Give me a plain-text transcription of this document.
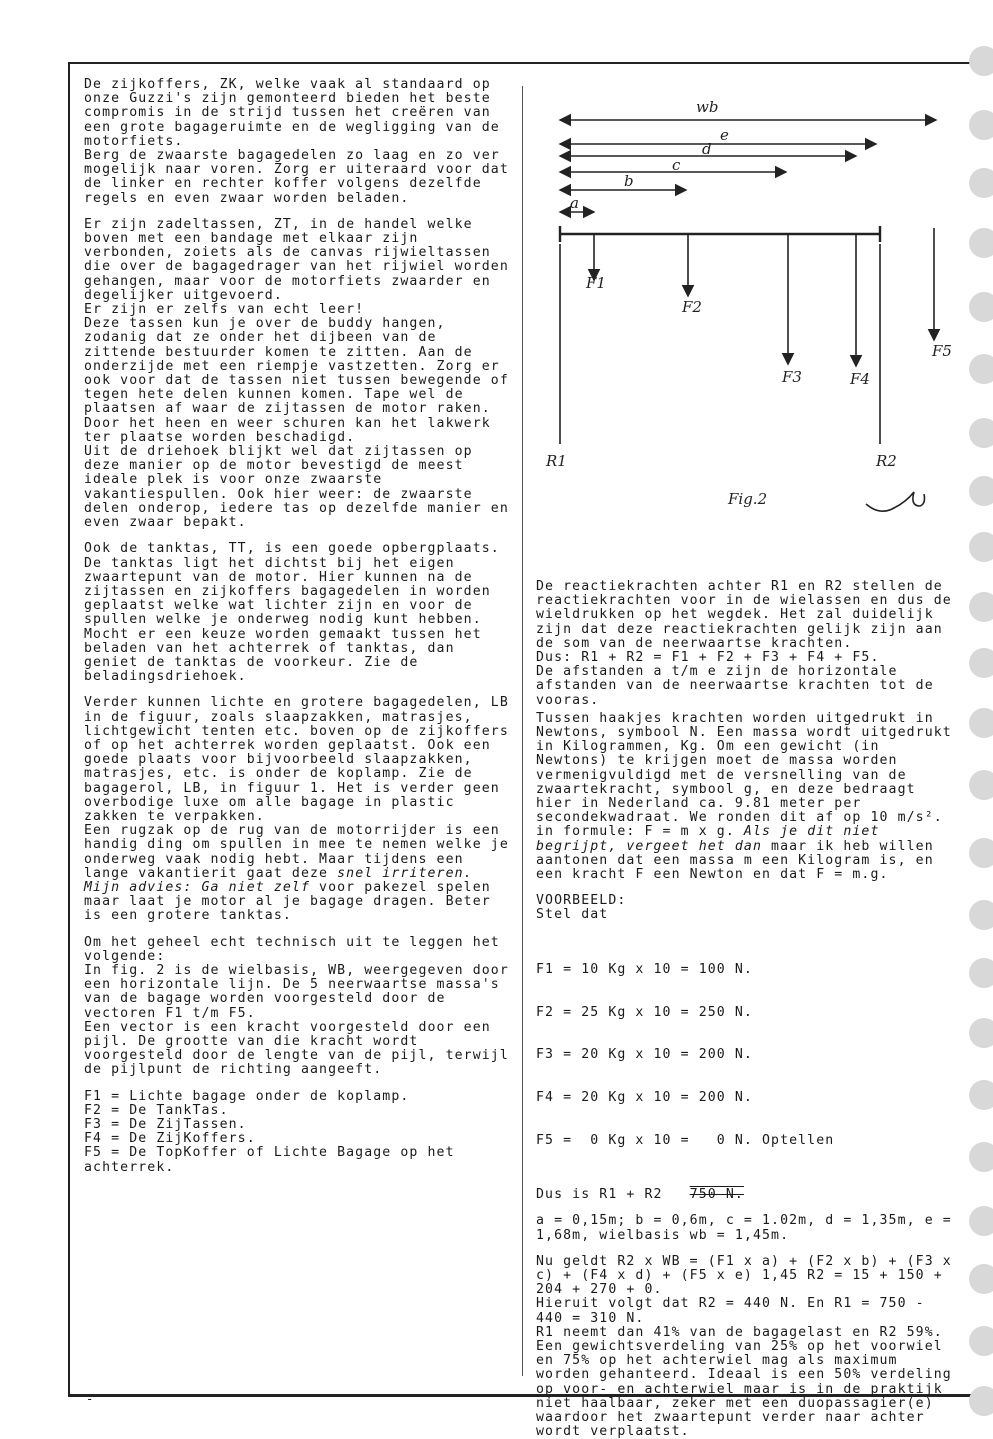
De zijkoffers, ZK, welke vaak al standaard op onze Guzzi's zijn gemonteerd bieden het beste compromis in de strijd tussen het creëren van een grote bagageruimte en de wegligging van de motorfiets.

Berg de zwaarste bagagedelen zo laag en zo ver mogelijk naar voren. Zorg er uiteraard voor dat de linker en rechter koffer volgens dezelfde regels en even zwaar worden beladen.

Er zijn zadeltassen, ZT, in de handel welke boven met een bandage met elkaar zijn verbonden, zoiets als de canvas rijwieltassen die over de bagagedrager van het rijwiel worden gehangen, maar voor de motorfiets zwaarder en degelijker uitgevoerd.

Er zijn er zelfs van echt leer!

Deze tassen kun je over de buddy hangen, zodanig dat ze onder het dijbeen van de zittende bestuurder komen te zitten. Aan de onderzijde met een riempje vastzetten. Zorg er ook voor dat de tassen niet tussen bewegende of tegen hete delen kunnen komen. Tape wel de plaatsen af waar de zijtassen de motor raken. Door het heen en weer schuren kan het lakwerk ter plaatse worden beschadigd.

Uit de driehoek blijkt wel dat zijtassen op deze manier op de motor bevestigd de meest ideale plek is voor onze zwaarste vakantiespullen. Ook hier weer: de zwaarste delen onderop, iedere tas op dezelfde manier en even zwaar bepakt.

Ook de tanktas, TT, is een goede opbergplaats. De tanktas ligt het dichtst bij het eigen zwaartepunt van de motor. Hier kunnen na de zijtassen en zijkoffers bagagedelen in worden geplaatst welke wat lichter zijn en voor de spullen welke je onderweg nodig kunt hebben. Mocht er een keuze worden gemaakt tussen het beladen van het achterrek of tanktas, dan geniet de tanktas de voorkeur. Zie de beladingsdriehoek.

Verder kunnen lichte en grotere bagagedelen, LB in de figuur, zoals slaapzakken, matrasjes, lichtgewicht tenten etc. boven op de zijkoffers of op het achterrek worden geplaatst. Ook een goede plaats voor bijvoorbeeld slaapzakken, matrasjes, etc. is onder de koplamp. Zie de bagagerol, LB, in figuur 1. Het is verder geen overbodige luxe om alle bagage in plastic zakken te verpakken.

Een rugzak op de rug van de motorrijder is een handig ding om spullen in mee te nemen welke je onderweg vaak nodig hebt. Maar tijdens een lange vakantierit gaat deze snel irriteren. Mijn advies: Ga niet zelf voor pakezel spelen maar laat je motor al je bagage dragen. Beter is een grotere tanktas.

Om het geheel echt technisch uit te leggen het volgende:

In fig. 2 is de wielbasis, WB, weergegeven door een horizontale lijn. De 5 neerwaartse massa's van de bagage worden voorgesteld door de vectoren F1 t/m F5.

Een vector is een kracht voorgesteld door een pijl. De grootte van die kracht wordt voorgesteld door de lengte van de pijl, terwijl de pijlpunt de richting aangeeft.

F1 = Lichte bagage onder de koplamp.
F2 = De TankTas.
F3 = De ZijTassen.
F4 = De ZijKoffers.
F5 = De TopKoffer of Lichte Bagage op het achterrek.
wb
e
d
c
b
a
F1
F2
F3	F4
F5
R1	R2
Fig.2

De reactiekrachten achter R1 en R2 stellen de reactiekrachten voor in de wielassen en dus de wieldrukken op het wegdek. Het zal duidelijk zijn dat deze reactiekrachten gelijk zijn aan de som van de neerwaartse krachten.

Dus: R1 + R2 = F1 + F2 + F3 + F4 + F5.

De afstanden a t/m e zijn de horizontale afstanden van de neerwaartse krachten tot de vooras.

Tussen haakjes krachten worden uitgedrukt in Newtons, symbool N. Een massa wordt uitgedrukt in Kilogrammen, Kg. Om een gewicht (in Newtons) te krijgen moet de massa worden vermenigvuldigd met de versnelling van de zwaartekracht, symbool g, en deze bedraagt hier in Nederland ca. 9.81 meter per secondekwadraat. We ronden dit af op 10 m/s². in formule: F = m x g. Als je dit niet begrijpt, vergeet het dan maar ik heb willen aantonen dat een massa m een Kilogram is, en een kracht F een Newton en dat F = m.g.

VOORBEELD:

Stel dat

F1 = 10 Kg x 10 = 100 N.

F2 = 25 Kg x 10 = 250 N.

F3 = 20 Kg x 10 = 200 N.

F4 = 20 Kg x 10 = 200 N.

F5 =  0 Kg x 10 =   0 N. Optellen

Dus is R1 + R2 750 N.

a = 0,15m; b = 0,6m, c = 1.02m, d = 1,35m, e = 1,68m, wielbasis wb = 1,45m.

Nu geldt R2 x WB = (F1 x a) + (F2 x b) + (F3 x c) + (F4 x d) + (F5 x e) 1,45 R2 = 15 + 150 + 204 + 270 + 0.

Hieruit volgt dat R2 = 440 N. En R1 = 750 - 440 = 310 N.

R1 neemt dan 41% van de bagagelast en R2 59%.

Een gewichtsverdeling van 25% op het voorwiel en 75% op het achterwiel mag als maximum worden gehanteerd. Ideaal is een 50% verdeling op voor- en achterwiel maar is in de praktijk niet haalbaar, zeker met een duopassagier(e) waardoor het zwaartepunt verder naar achter wordt verplaatst.

-
